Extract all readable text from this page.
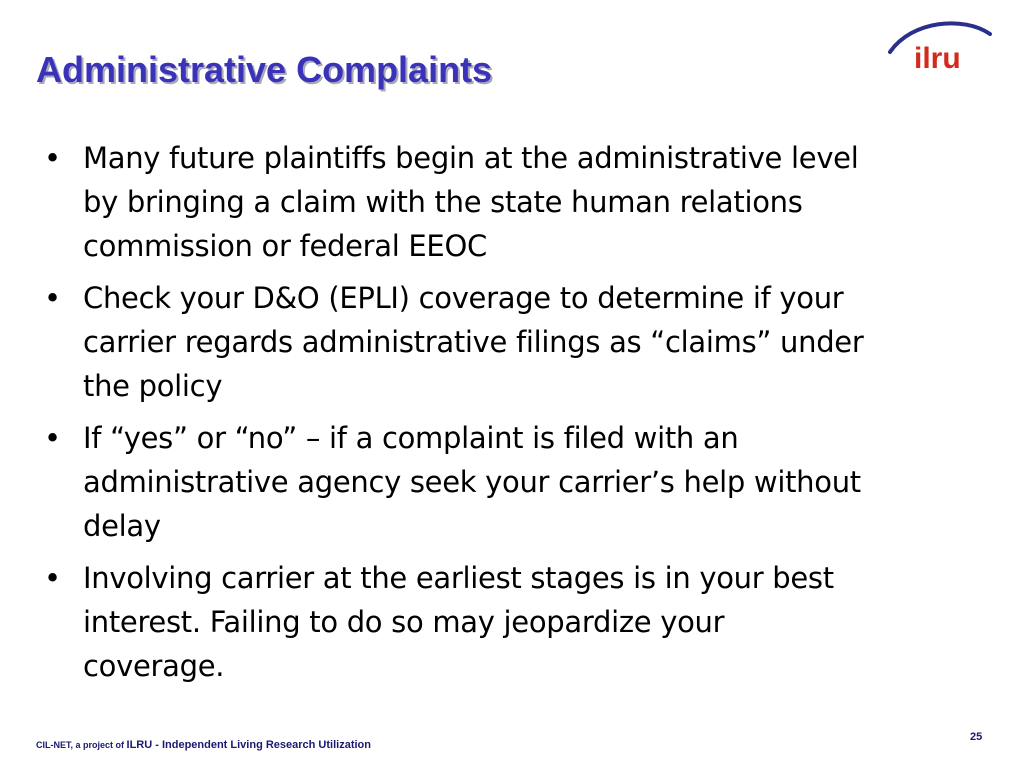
Administrative Complaints	ilru
• Many future plaintiffs begin at the administrative level
by bringing a claim with the state human relations
commission or federal EEOC
• Check your D&O (EPLI) coverage to determine if your
carrier regards administrative filings as “claims” under
the policy
• If “yes” or “no” – if a complaint is filed with an
administrative agency seek your carrier’s help without
delay
• Involving carrier at the earliest stages is in your best
interest. Failing to do so may jeopardize your
coverage.
CIL-NET, a project of ILRU - Independent Living Research Utilization
25
